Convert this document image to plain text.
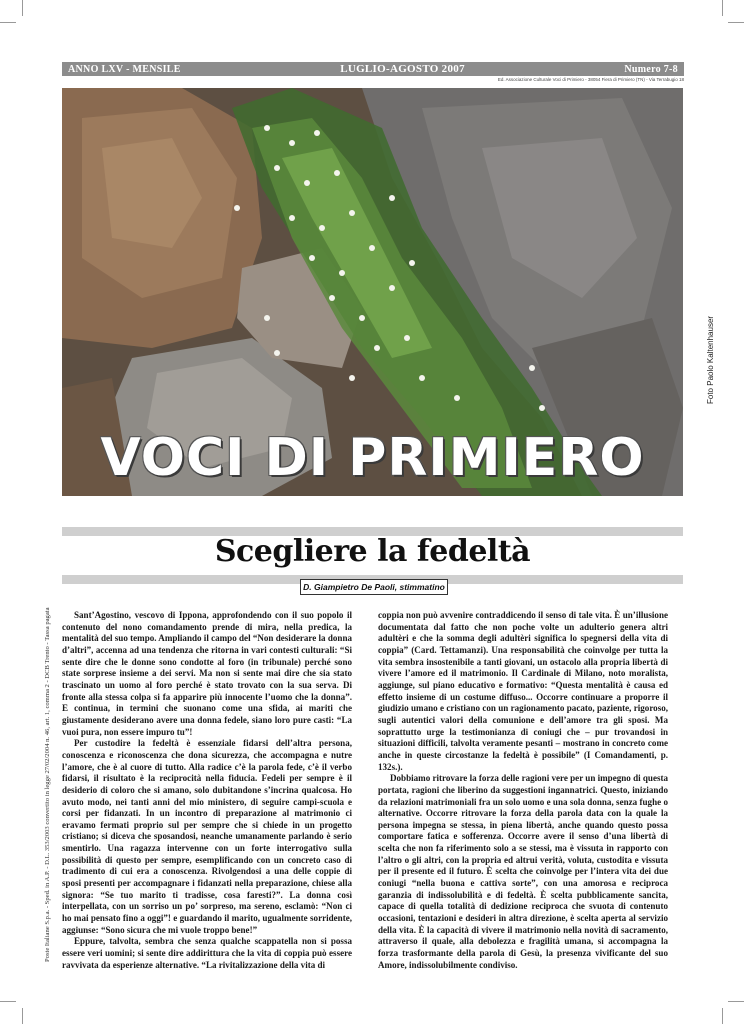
ANNO LXV - MENSILE	LUGLIO-AGOSTO 2007	Numero 7-8
Ed. Associazione Culturale Voci di Primiero - 38054 Fiera di Primiero (TN) - Via Terrabugio 18
VOCI DI PRIMIERO
Foto Paolo Kaltenhauser
Scegliere la fedeltà
D. Giampietro De Paoli, stimmatino
Poste Italiane S.p.a. - Sped. in A.P. - D.L. 353/2003 convertito in legge 27/02/2004 n. 46, art. 1, comma 2 - DCB Trento - Tassa pagata	Sant’Agostino, vescovo di Ippona, approfondendo con il suo popolo il contenuto del nono comandamento prende di mira, nella predica, la mentalità del suo tempo. Ampliando il campo del “Non desiderare la donna d’altri”, accenna ad una tendenza che ritorna in vari contesti culturali: “Si sente dire che le donne sono condotte al foro (in tribunale) perché sono state sorprese insieme a dei servi. Ma non si sente mai dire che sia stato trascinato un uomo al foro perché è stato trovato con la sua serva. Di fronte alla stessa colpa si fa apparire più innocente l’uomo che la donna”. E continua, in termini che suonano come una sfida, ai mariti che giustamente desiderano avere una donna fedele, siano loro pure casti: “La vuoi pura, non essere impuro tu”!

Per custodire la fedeltà è essenziale fidarsi dell’altra persona, conoscenza e riconoscenza che dona sicurezza, che accompagna e nutre l’amore, che è al cuore di tutto. Alla radice c’è la parola fede, c’è il verbo fidarsi, il risultato è la reciprocità nella fiducia. Fedeli per sempre è il desiderio di coloro che si amano, solo dubitandone s’incrina qualcosa. Ho avuto modo, nei tanti anni del mio ministero, di seguire campi-scuola e corsi per fidanzati. In un incontro di preparazione al matrimonio ci eravamo fermati proprio sul per sempre che si chiede in un progetto cristiano; si diceva che sposandosi, neanche umanamente parlando è serio smentirlo. Una ragazza intervenne con un forte interrogativo sulla possibilità di questo per sempre, esemplificando con un concreto caso di tradimento di cui era a conoscenza. Rivolgendosi a una delle coppie di sposi presenti per accompagnare i fidanzati nella preparazione, chiese alla signora: “Se tuo marito ti tradisse, cosa faresti?”. La donna così interpellata, con un sorriso un po’ sorpreso, ma sereno, esclamò: “Non ci ho mai pensato fino a oggi”! e guardando il marito, ugualmente sorridente, aggiunse: “Sono sicura che mi vuole troppo bene!”

Eppure, talvolta, sembra che senza qualche scappatella non si possa essere veri uomini; si sente dire addirittura che la vita di coppia può essere ravvivata da esperienze alternative. “La rivitalizzazione della vita di

coppia non può avvenire contraddicendo il senso di tale vita. È un’illusione documentata dal fatto che non poche volte un adulterio genera altri adultèri e che la somma degli adultèri significa lo spegnersi della vita di coppia” (Card. Tettamanzi). Una responsabilità che coinvolge per tutta la vita sembra insostenibile a tanti giovani, un ostacolo alla propria libertà di vivere l’amore ed il matrimonio. Il Cardinale di Milano, noto moralista, aggiunge, sul piano educativo e formativo: “Questa mentalità è causa ed effetto insieme di un costume diffuso... Occorre continuare a proporre il giudizio umano e cristiano con un ragionamento pacato, paziente, rigoroso, sugli autentici valori della comunione e dell’amore tra gli sposi. Ma soprattutto urge la testimonianza di coniugi che – pur trovandosi in situazioni difficili, talvolta veramente pesanti – mostrano in concreto come anche in queste circostanze la fedeltà è possibile” (I Comandamenti, p. 132s.).

Dobbiamo ritrovare la forza delle ragioni vere per un impegno di questa portata, ragioni che liberino da suggestioni ingannatrici. Questo, iniziando da relazioni matrimoniali fra un solo uomo e una sola donna, senza fughe o alternative. Occorre ritrovare la forza della parola data con la quale la persona impegna se stessa, in piena libertà, anche quando questo possa comportare fatica e sofferenza. Occorre avere il senso d’una libertà di scelta che non fa riferimento solo a se stessi, ma è vissuta in rapporto con l’altro o gli altri, con la propria ed altrui verità, voluta, custodita e vissuta per il presente ed il futuro. È scelta che coinvolge per l’intera vita dei due coniugi “nella buona e cattiva sorte”, con una amorosa e reciproca garanzia di indissolubilità e di fedeltà. È scelta pubblicamente sancita, capace di quella totalità di dedizione reciproca che svuota di contenuto occasioni, tentazioni e desideri in altra direzione, è scelta aperta al servizio della vita. È la capacità di vivere il matrimonio nella novità di sacramento, attraverso il quale, alla debolezza e fragilità umana, si accompagna la forza trasformante della parola di Gesù, la presenza vivificante del suo Amore, indissolubilmente condiviso.
